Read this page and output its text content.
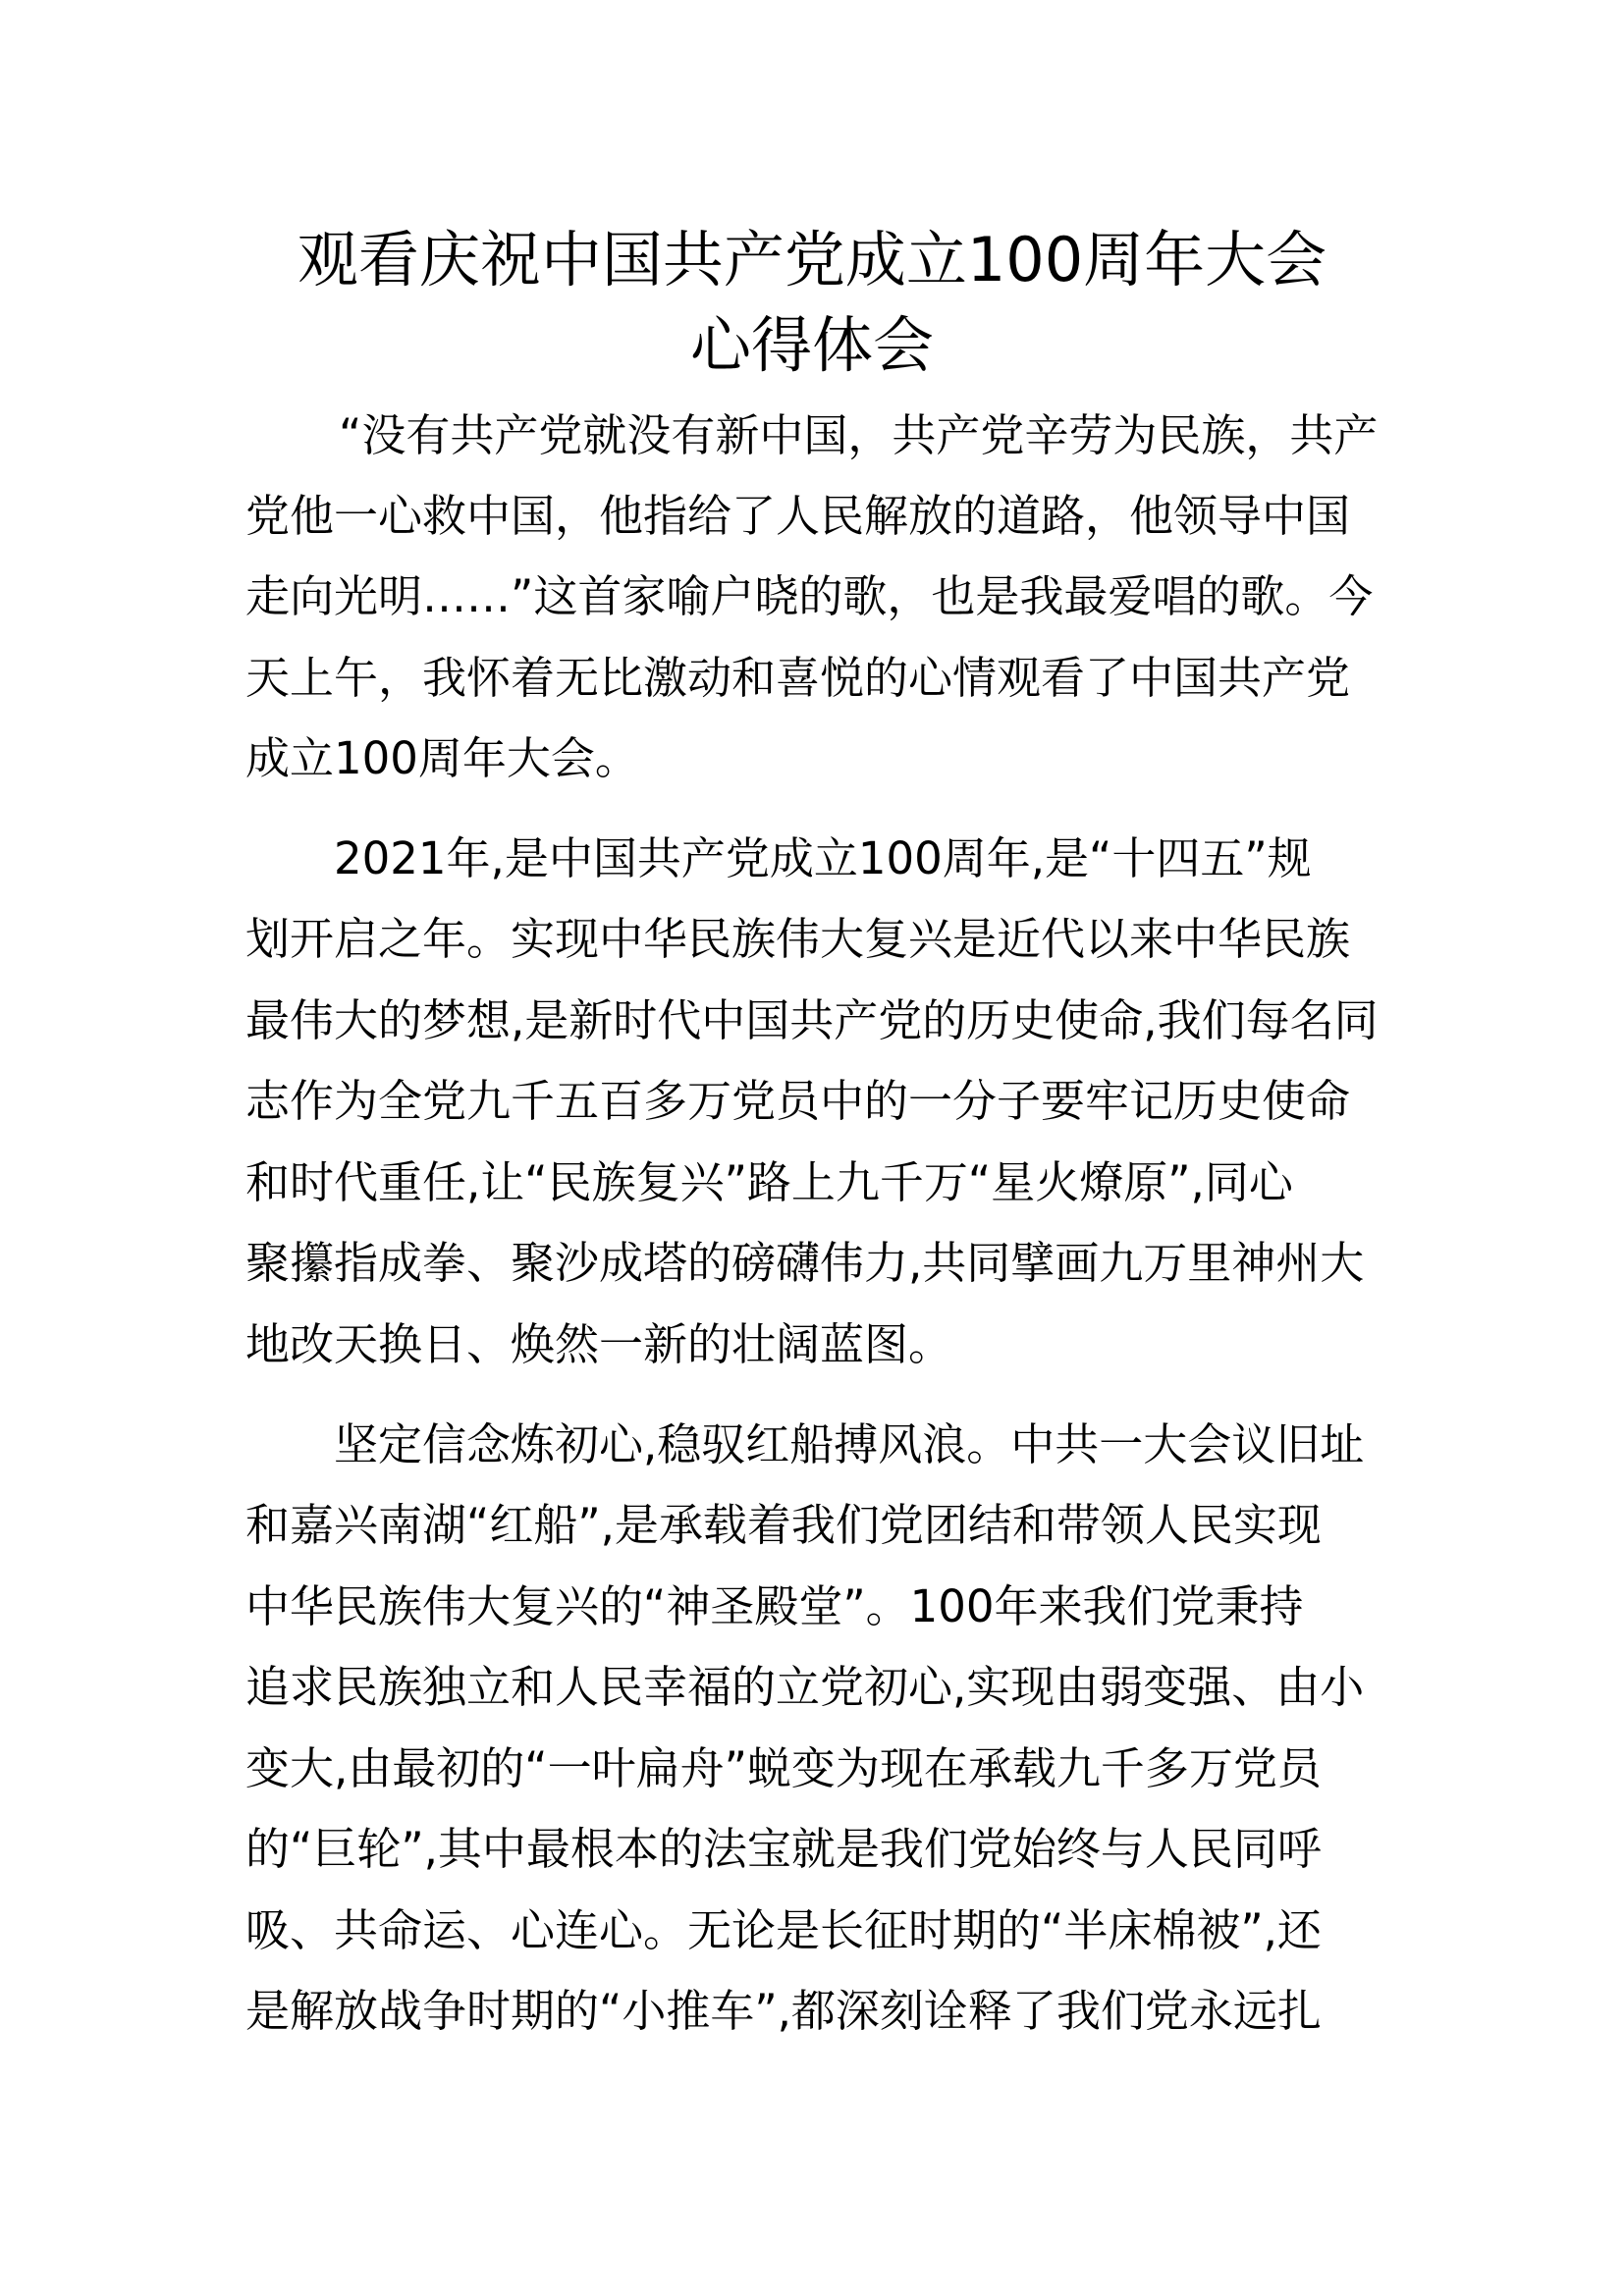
观看庆祝中国共产党成立100周年大会
心得体会
“没有共产党就没有新中国，共产党辛劳为民族，共产
党他一心救中国，他指给了人民解放的道路，他领导中国
走向光明……”这首家喻户晓的歌，也是我最爱唱的歌。今
天上午，我怀着无比激动和喜悦的心情观看了中国共产党
成立100周年大会。
2021年,是中国共产党成立100周年,是“十四五”规
划开启之年。实现中华民族伟大复兴是近代以来中华民族
最伟大的梦想,是新时代中国共产党的历史使命,我们每名同
志作为全党九千五百多万党员中的一分子要牢记历史使命
和时代重任,让“民族复兴”路上九千万“星火燎原”,同心
聚攥指成拳、聚沙成塔的磅礴伟力,共同擘画九万里神州大
地改天换日、焕然一新的壮阔蓝图。
坚定信念炼初心,稳驭红船搏风浪。中共一大会议旧址
和嘉兴南湖“红船”,是承载着我们党团结和带领人民实现
中华民族伟大复兴的“神圣殿堂”。100年来我们党秉持
追求民族独立和人民幸福的立党初心,实现由弱变强、由小
变大,由最初的“一叶扁舟”蜕变为现在承载九千多万党员
的“巨轮”,其中最根本的法宝就是我们党始终与人民同呼
吸、共命运、心连心。无论是长征时期的“半床棉被”,还
是解放战争时期的“小推车”,都深刻诠释了我们党永远扎
